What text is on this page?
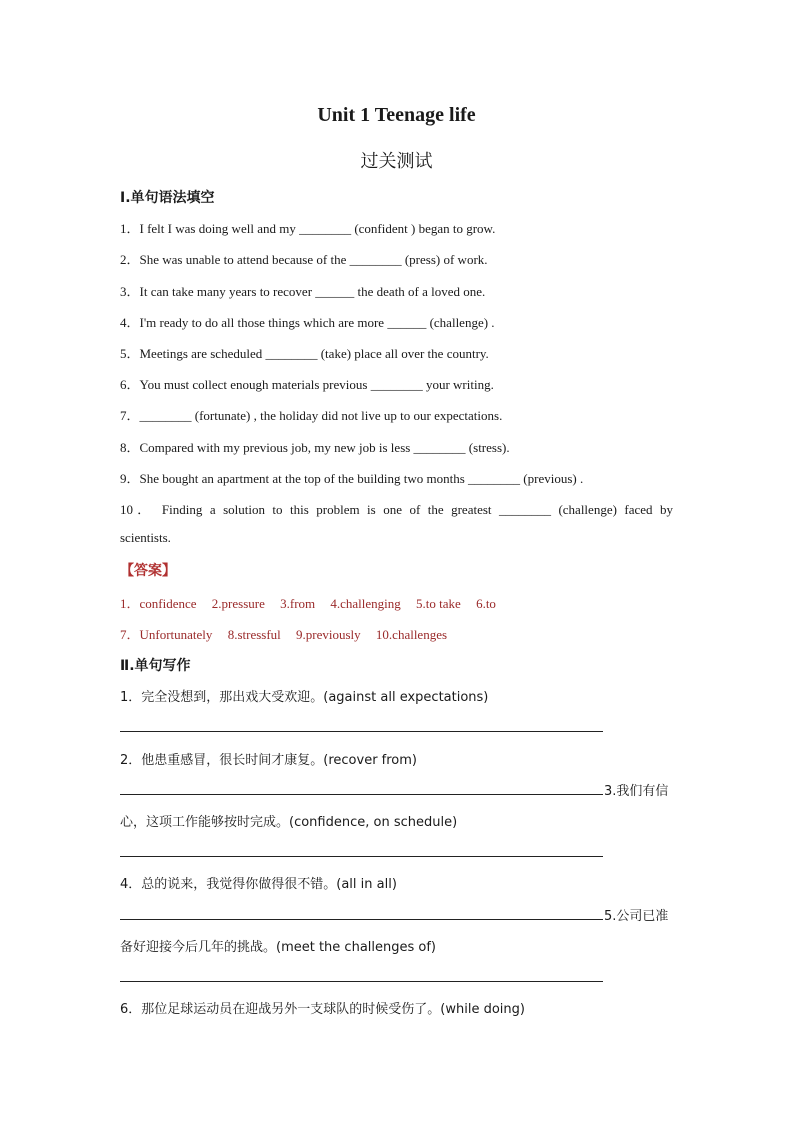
Unit 1 Teenage life
过关测试
Ⅰ.单句语法填空
1．I felt I was doing well and my ________ (confident ) began to grow.
2．She was unable to attend because of the ________ (press) of work.
3．It can take many years to recover ______ the death of a loved one.
4．I'm ready to do all those things which are more ______ (challenge) .
5．Meetings are scheduled ________ (take) place all over the country.
6．You must collect enough materials previous ________ your writing.
7．________ (fortunate) , the holiday did not live up to our expectations.
8．Compared with my previous job, my new job is less ________ (stress).
9．She bought an apartment at the top of the building two months ________ (previous) .
10． Finding a solution to this problem is one of the greatest ________ (challenge) faced by
scientists.
【答案】
1．confidence 2.pressure 3.from 4.challenging 5.to take 6.to
7．Unfortunately 8.stressful 9.previously 10.challenges
Ⅱ.单句写作
1．完全没想到，那出戏大受欢迎。(against all expectations)
2．他患重感冒，很长时间才康复。(recover from)
3.我们有信
心，这项工作能够按时完成。(confidence, on schedule)
4．总的说来，我觉得你做得很不错。(all in all)
5.公司已准
备好迎接今后几年的挑战。(meet the challenges of)
6．那位足球运动员在迎战另外一支球队的时候受伤了。(while doing)
